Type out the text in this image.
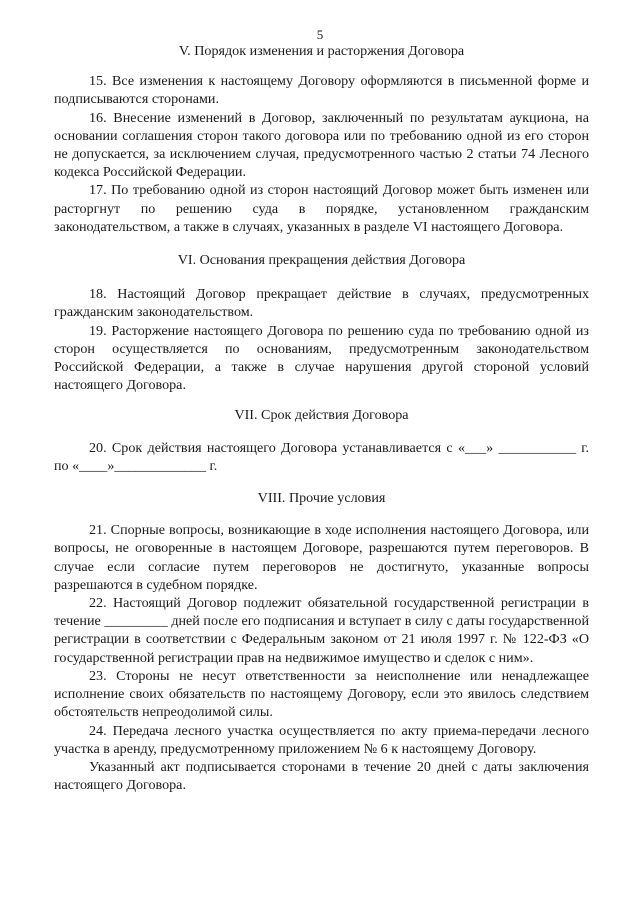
5
V. Порядок изменения и расторжения Договора

15. Все изменения к настоящему Договору оформляются в письменной форме и подписываются сторонами.

16. Внесение изменений в Договор, заключенный по результатам аукциона, на основании соглашения сторон такого договора или по требованию одной из его сторон не допускается, за исключением случая, предусмотренного частью 2 статьи 74 Лесного кодекса Российской Федерации.

17. По требованию одной из сторон настоящий Договор может быть изменен или расторгнут по решению суда в порядке, установленном гражданским законодательством, а также в случаях, указанных в разделе VI настоящего Договора.

VI. Основания прекращения действия Договора

18. Настоящий Договор прекращает действие в случаях, предусмотренных гражданским законодательством.

19. Расторжение настоящего Договора по решению суда по требованию одной из сторон осуществляется по основаниям, предусмотренным законодательством Российской Федерации, а также в случае нарушения другой стороной условий настоящего Договора.

VII. Срок действия Договора

20. Срок действия настоящего Договора устанавливается с «___» ___________ г. по «____»_____________ г.

VIII. Прочие условия

21. Спорные вопросы, возникающие в ходе исполнения настоящего Договора, или вопросы, не оговоренные в настоящем Договоре, разрешаются путем переговоров. В случае если согласие путем переговоров не достигнуто, указанные вопросы разрешаются в судебном порядке.

22. Настоящий Договор подлежит обязательной государственной регистрации в течение _________ дней после его подписания и вступает в силу с даты государственной регистрации в соответствии с Федеральным законом от 21 июля 1997 г. № 122-ФЗ «О государственной регистрации прав на недвижимое имущество и сделок с ним».

23. Стороны не несут ответственности за неисполнение или ненадлежащее исполнение своих обязательств по настоящему Договору, если это явилось следствием обстоятельств непреодолимой силы.

24. Передача лесного участка осуществляется по акту приема-передачи лесного участка в аренду, предусмотренному приложением № 6 к настоящему Договору.

Указанный акт подписывается сторонами в течение 20 дней с даты заключения настоящего Договора.
